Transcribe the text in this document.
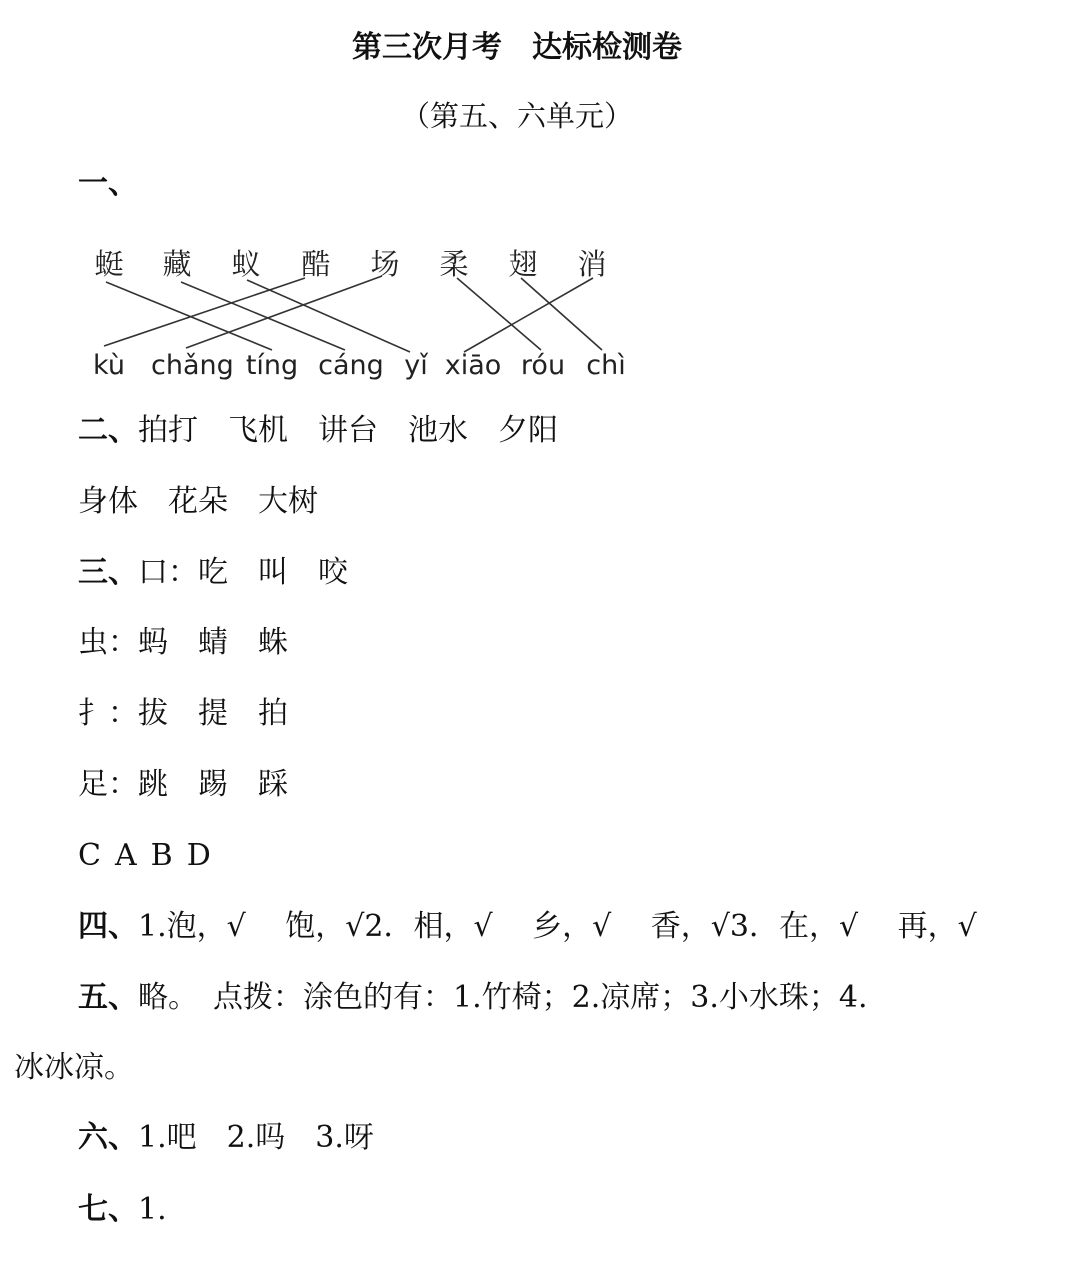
第三次月考　达标检测卷
（第五、六单元）
一、
蜓 藏 蚁 酷 场 柔 翅 消
kù chǎng tíng cáng yǐ xiāo róu chì
二、拍打 飞机 讲台 池水 夕阳
身体 花朵 大树
三、口：吃 叫 咬
虫：蚂 蜻 蛛
扌：拔 提 拍
足：跳 踢 踩
C A B D
四、1.泡，√　 饱，√2．相，√　 乡，√　 香，√3．在，√　 再，√
五、略。　点拨：涂色的有：1.竹椅；2.凉席；3.小水珠；4.
冰冰凉。
六、1.吧 2.吗 3.呀
七、1.
